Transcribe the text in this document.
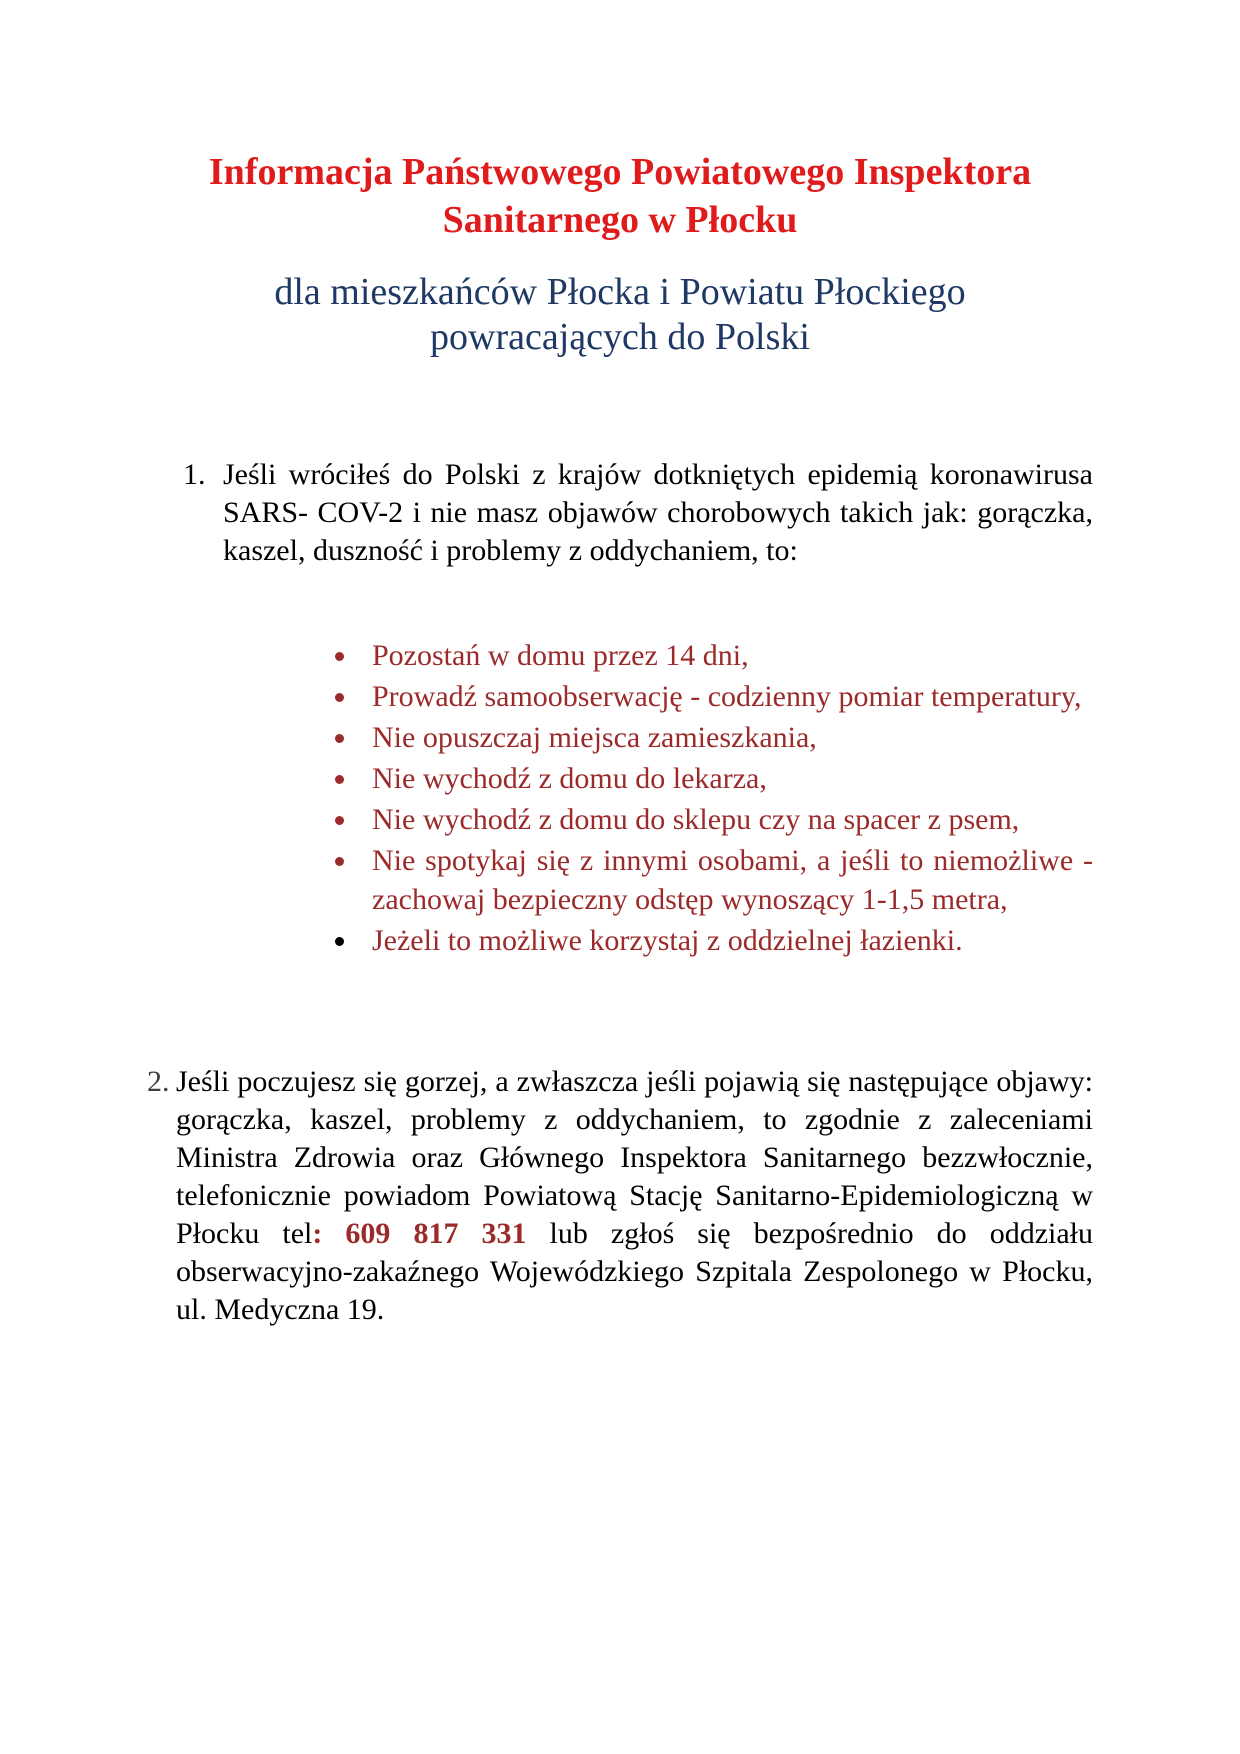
Informacja Państwowego Powiatowego Inspektora
Sanitarnego w Płocku
dla mieszkańców Płocka i Powiatu Płockiego
powracających do Polski
1. Jeśli wróciłeś do Polski z krajów dotkniętych epidemią koronawirusa SARS- COV-2 i nie masz objawów chorobowych takich jak: gorączka, kaszel, duszność i problemy z oddychaniem, to:
Pozostań w domu przez 14 dni,
Prowadź samoobserwację - codzienny pomiar temperatury,
Nie opuszczaj miejsca zamieszkania,
Nie wychodź z domu do lekarza,
Nie wychodź z domu do sklepu czy na spacer z psem,
Nie spotykaj się z innymi osobami, a jeśli to niemożliwe - zachowaj bezpieczny odstęp wynoszący 1-1,5 metra,
Jeżeli to możliwe korzystaj z oddzielnej łazienki.
2. Jeśli poczujesz się gorzej, a zwłaszcza jeśli pojawią się następujące objawy: gorączka, kaszel, problemy z oddychaniem, to zgodnie z zaleceniami Ministra Zdrowia oraz Głównego Inspektora Sanitarnego bezzwłocznie, telefonicznie powiadom Powiatową Stację Sanitarno-Epidemiologiczną w Płocku tel: 609 817 331 lub zgłoś się bezpośrednio do oddziału obserwacyjno-zakaźnego Wojewódzkiego Szpitala Zespolonego w Płocku, ul. Medyczna 19.
